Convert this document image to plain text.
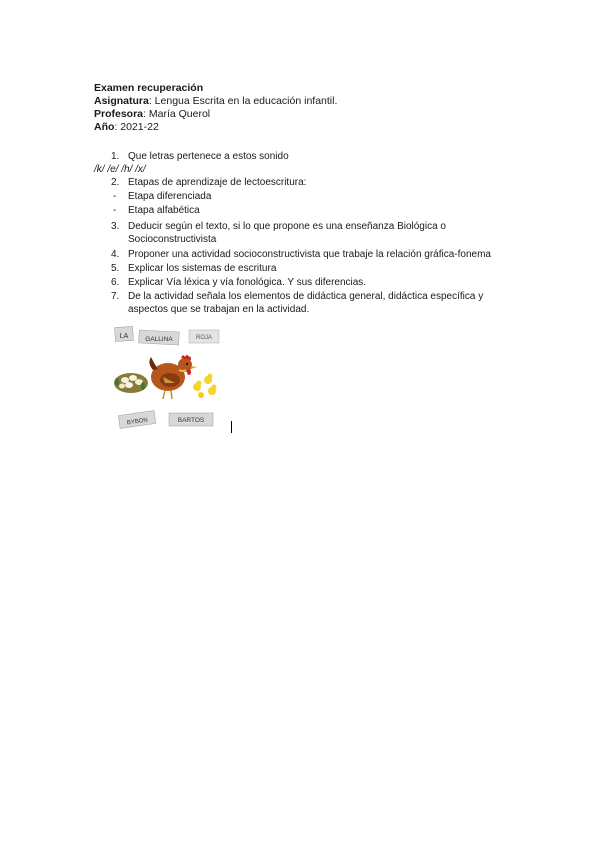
Examen recuperación
Asignatura: Lengua Escrita en la educación infantil.
Profesora: María Querol
Año: 2021-22
1. Que letras pertenece a estos sonido
/k/ /e/ /h/ /x/
2. Etapas de aprendizaje de lectoescritura:
- Etapa diferenciada
- Etapa alfabética
3. Deducir según el texto, si lo que propone es una enseñanza Biológica o
Socioconstructivista
4. Proponer una actividad socioconstructivista que trabaje la relación gráfica-fonema
5. Explicar los sistemas de escritura
6. Explicar Vía léxica y vía fonológica. Y sus diferencias.
7. De la actividad señala los elementos de didáctica general, didáctica específica y
aspectos que se trabajan en la actividad.
LA	GALLINA	ROJA
BYBON	BARTOS
